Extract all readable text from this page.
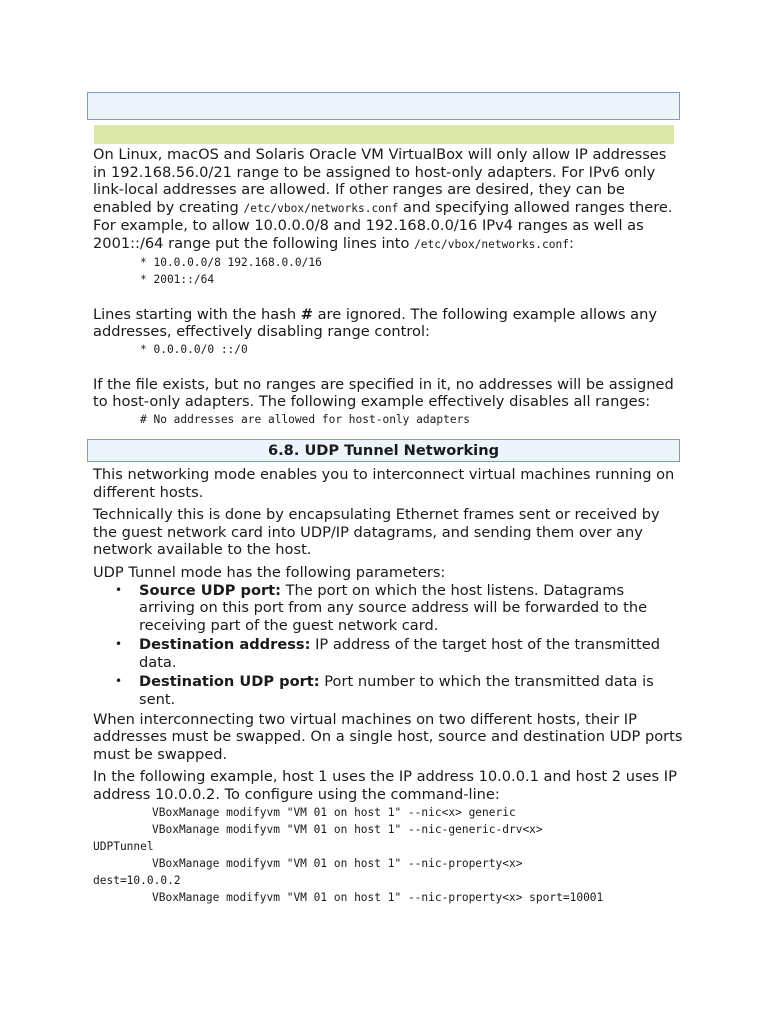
On Linux, macOS and Solaris Oracle VM VirtualBox will only allow IP addresses in 192.168.56.0/21 range to be assigned to host-only adapters. For IPv6 only link-local addresses are allowed. If other ranges are desired, they can be enabled by creating /etc/vbox/networks.conf and specifying allowed ranges there. For example, to allow 10.0.0.0/8 and 192.168.0.0/16 IPv4 ranges as well as 2001::/64 range put the following lines into /etc/vbox/networks.conf:

* 10.0.0.0/8 192.168.0.0/16
* 2001::/64

Lines starting with the hash # are ignored. The following example allows any addresses, effectively disabling range control:

* 0.0.0.0/0 ::/0

If the file exists, but no ranges are specified in it, no addresses will be assigned to host-only adapters. The following example effectively disables all ranges:

# No addresses are allowed for host-only adapters
6.8. UDP Tunnel Networking

This networking mode enables you to interconnect virtual machines running on different hosts.

Technically this is done by encapsulating Ethernet frames sent or received by the guest network card into UDP/IP datagrams, and sending them over any network available to the host.

UDP Tunnel mode has the following parameters:

• Source UDP port: The port on which the host listens. Datagrams arriving on this port from any source address will be forwarded to the receiving part of the guest network card.
• Destination address: IP address of the target host of the transmitted data.
• Destination UDP port: Port number to which the transmitted data is sent.

When interconnecting two virtual machines on two different hosts, their IP addresses must be swapped. On a single host, source and destination UDP ports must be swapped.

In the following example, host 1 uses the IP address 10.0.0.1 and host 2 uses IP address 10.0.0.2. To configure using the command-line:

VBoxManage modifyvm "VM 01 on host 1" --nic<x> generic
VBoxManage modifyvm "VM 01 on host 1" --nic-generic-drv<x>
UDPTunnel
VBoxManage modifyvm "VM 01 on host 1" --nic-property<x>
dest=10.0.0.2
VBoxManage modifyvm "VM 01 on host 1" --nic-property<x> sport=10001
